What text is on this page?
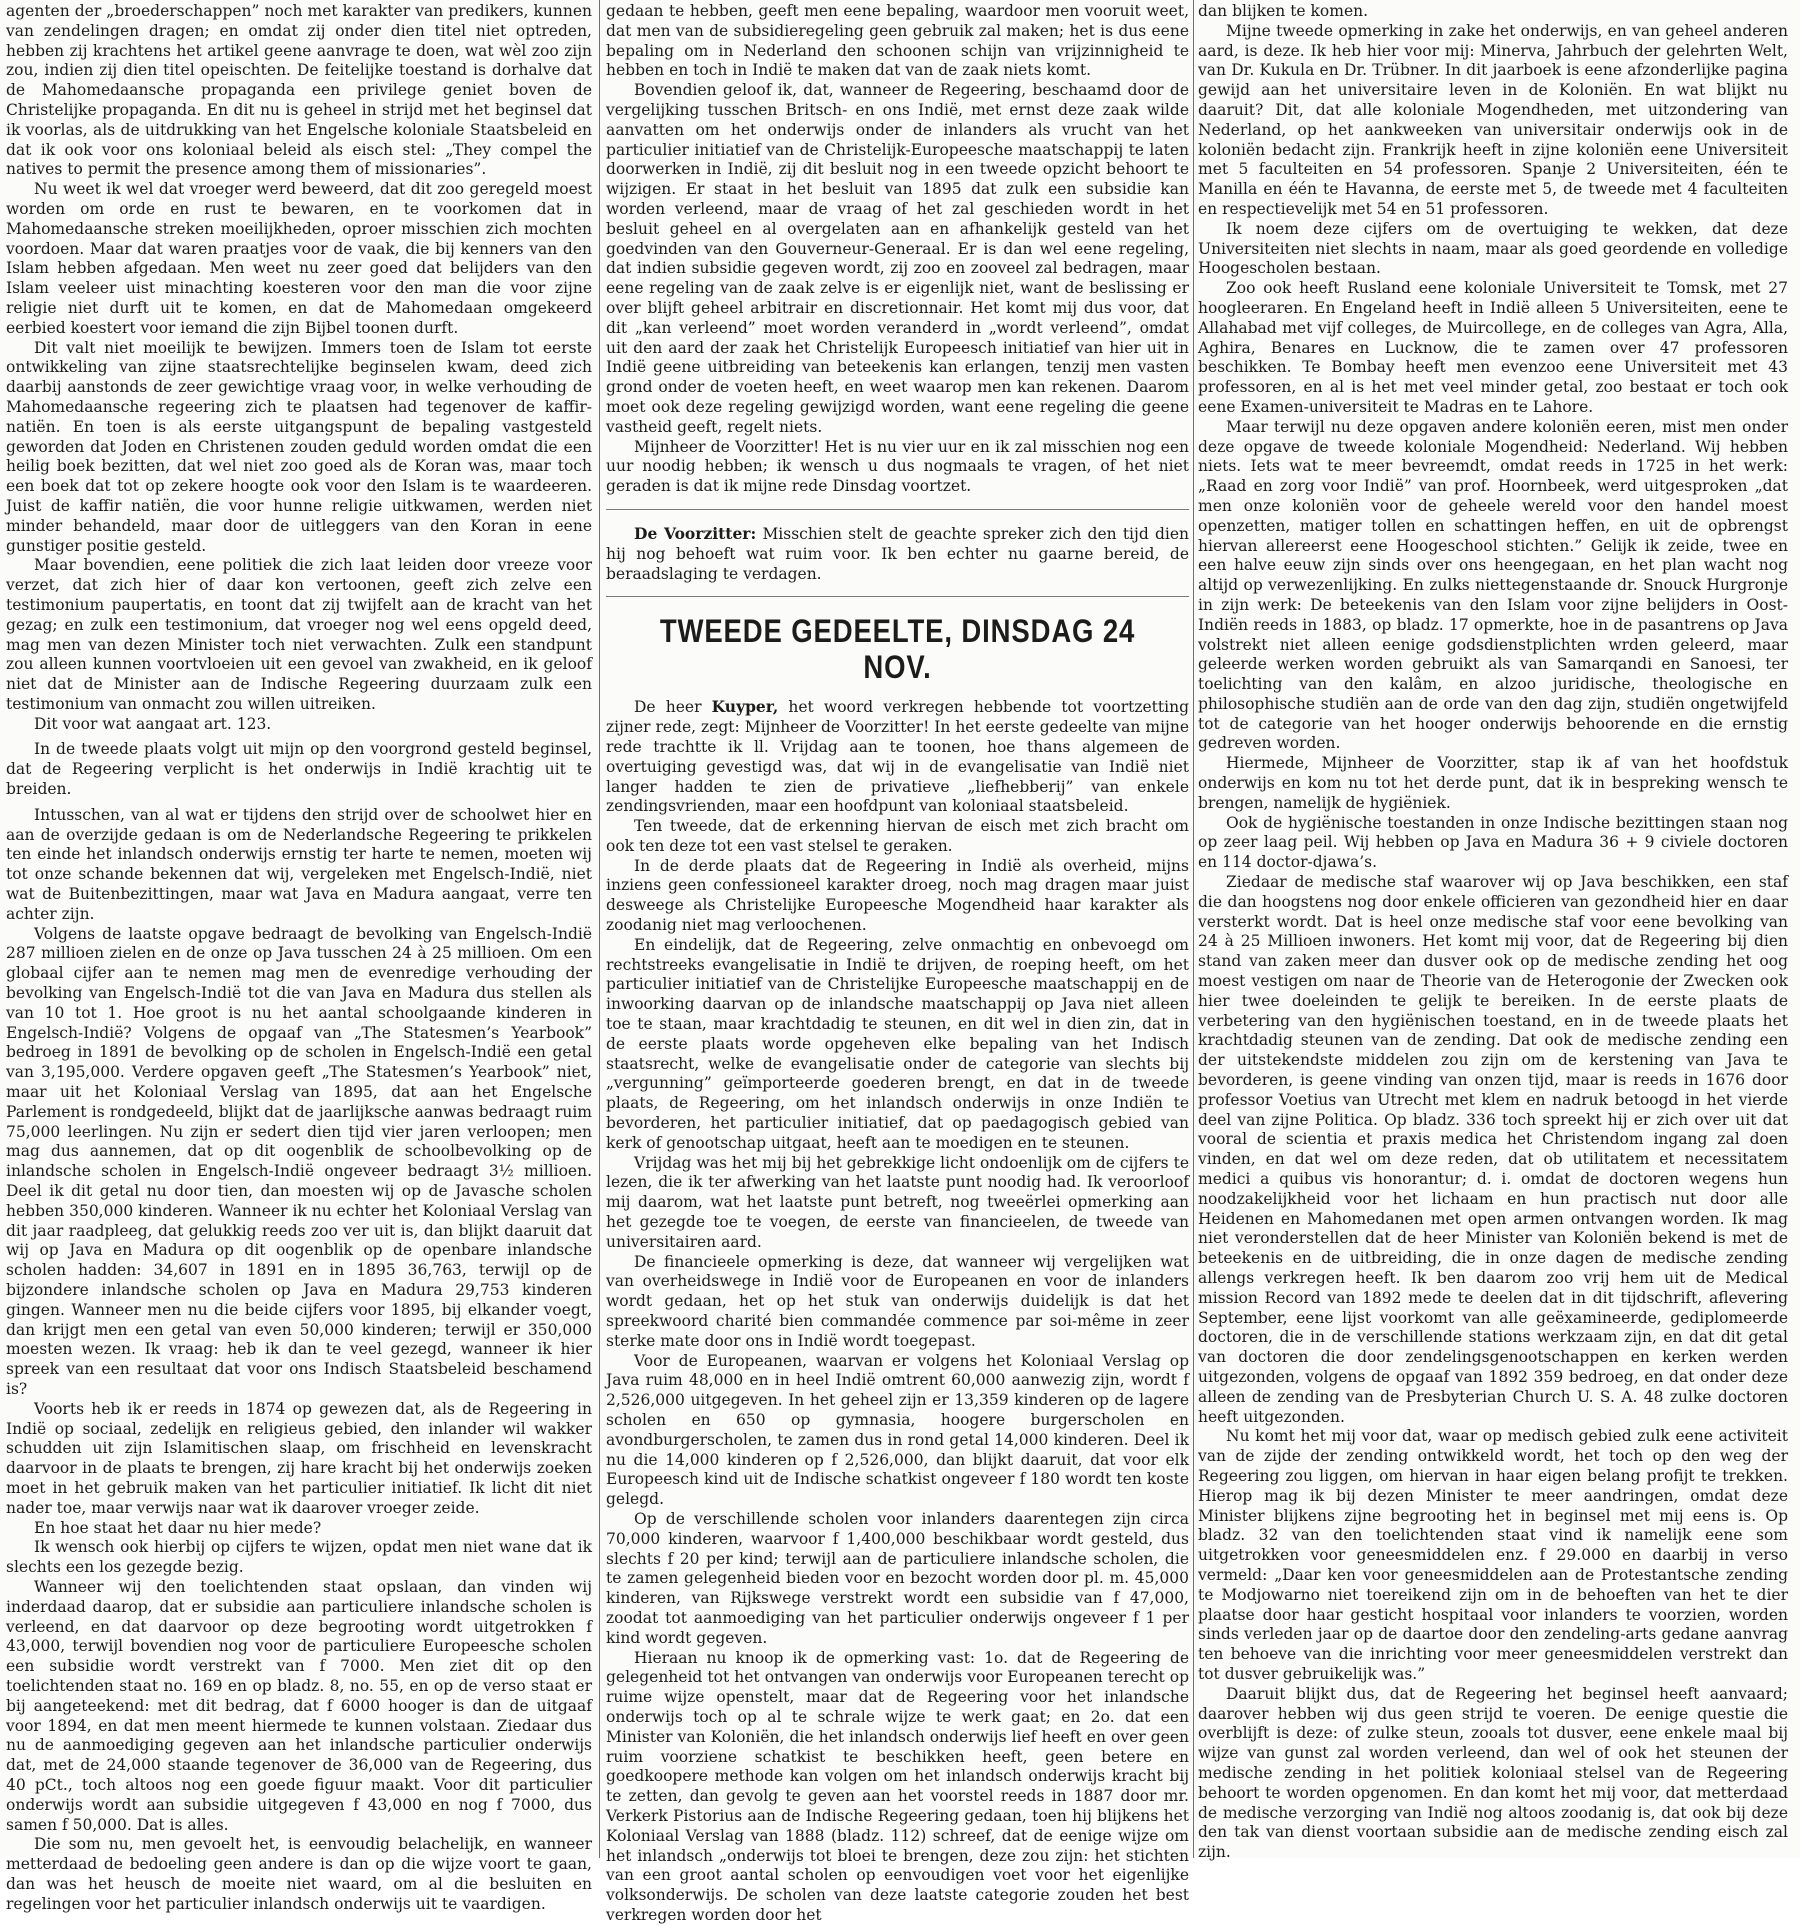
agenten der „broederschappen” noch met karakter van predikers, kunnen van zendelingen dragen; en omdat zij onder dien titel niet optreden, hebben zij krachtens het artikel geene aanvrage te doen, wat wèl zoo zijn zou, indien zij dien titel opeischten. De feitelijke toestand is dorhalve dat de Mahomedaansche propaganda een privilege geniet boven de Christelijke propaganda. En dit nu is geheel in strijd met het beginsel dat ik voorlas, als de uitdrukking van het Engelsche koloniale Staatsbeleid en dat ik ook voor ons koloniaal beleid als eisch stel: „They compel the natives to permit the presence among them of missionaries”.

Nu weet ik wel dat vroeger werd beweerd, dat dit zoo geregeld moest worden om orde en rust te bewaren, en te voorkomen dat in Mahomedaansche streken moeilijkheden, oproer misschien zich mochten voordoen. Maar dat waren praatjes voor de vaak, die bij kenners van den Islam hebben afgedaan. Men weet nu zeer goed dat belijders van den Islam veeleer uist minachting koesteren voor den man die voor zijne religie niet durft uit te komen, en dat de Mahomedaan omgekeerd eerbied koestert voor iemand die zijn Bijbel toonen durft.

Dit valt niet moeilijk te bewijzen. Immers toen de Islam tot eerste ontwikkeling van zijne staatsrechtelijke beginselen kwam, deed zich daarbij aanstonds de zeer gewichtige vraag voor, in welke verhouding de Mahomedaansche regeering zich te plaatsen had tegenover de kaffir-natiën. En toen is als eerste uitgangspunt de bepaling vastgesteld geworden dat Joden en Christenen zouden geduld worden omdat die een heilig boek bezitten, dat wel niet zoo goed als de Koran was, maar toch een boek dat tot op zekere hoogte ook voor den Islam is te waardeeren. Juist de kaffir natiën, die voor hunne religie uitkwamen, werden niet minder behandeld, maar door de uitleggers van den Koran in eene gunstiger positie gesteld.

Maar bovendien, eene politiek die zich laat leiden door vreeze voor verzet, dat zich hier of daar kon vertoonen, geeft zich zelve een testimonium paupertatis, en toont dat zij twijfelt aan de kracht van het gezag; en zulk een testimonium, dat vroeger nog wel eens opgeld deed, mag men van dezen Minister toch niet verwachten. Zulk een standpunt zou alleen kunnen voortvloeien uit een gevoel van zwakheid, en ik geloof niet dat de Minister aan de Indische Regeering duurzaam zulk een testimonium van onmacht zou willen uitreiken.

Dit voor wat aangaat art. 123.

In de tweede plaats volgt uit mijn op den voorgrond gesteld beginsel, dat de Regeering verplicht is het onderwijs in Indië krachtig uit te breiden.

Intusschen, van al wat er tijdens den strijd over de schoolwet hier en aan de overzijde gedaan is om de Nederlandsche Regeering te prikkelen ten einde het inlandsch onderwijs ernstig ter harte te nemen, moeten wij tot onze schande bekennen dat wij, vergeleken met Engelsch-Indië, niet wat de Buitenbezittingen, maar wat Java en Madura aangaat, verre ten achter zijn.

Volgens de laatste opgave bedraagt de bevolking van Engelsch-Indië 287 millioen zielen en de onze op Java tusschen 24 à 25 millioen. Om een globaal cijfer aan te nemen mag men de evenredige verhouding der bevolking van Engelsch-Indië tot die van Java en Madura dus stellen als van 10 tot 1. Hoe groot is nu het aantal schoolgaande kinderen in Engelsch-Indië? Volgens de opgaaf van „The Statesmen’s Yearbook” bedroeg in 1891 de bevolking op de scholen in Engelsch-Indië een getal van 3,195,000. Verdere opgaven geeft „The Statesmen’s Yearbook” niet, maar uit het Koloniaal Verslag van 1895, dat aan het Engelsche Parlement is rondgedeeld, blijkt dat de jaarlijksche aanwas bedraagt ruim 75,000 leerlingen. Nu zijn er sedert dien tijd vier jaren verloopen; men mag dus aannemen, dat op dit oogenblik de schoolbevolking op de inlandsche scholen in Engelsch-Indië ongeveer bedraagt 3½ millioen. Deel ik dit getal nu door tien, dan moesten wij op de Javasche scholen hebben 350,000 kinderen. Wanneer ik nu echter het Koloniaal Verslag van dit jaar raadpleeg, dat gelukkig reeds zoo ver uit is, dan blijkt daaruit dat wij op Java en Madura op dit oogenblik op de openbare inlandsche scholen hadden: 34,607 in 1891 en in 1895 36,763, terwijl op de bijzondere inlandsche scholen op Java en Madura 29,753 kinderen gingen. Wanneer men nu die beide cijfers voor 1895, bij elkander voegt, dan krijgt men een getal van even 50,000 kinderen; terwijl er 350,000 moesten wezen. Ik vraag: heb ik dan te veel gezegd, wanneer ik hier spreek van een resultaat dat voor ons Indisch Staatsbeleid beschamend is?

Voorts heb ik er reeds in 1874 op gewezen dat, als de Regeering in Indië op sociaal, zedelijk en religieus gebied, den inlander wil wakker schudden uit zijn Islamitischen slaap, om frischheid en levenskracht daarvoor in de plaats te brengen, zij hare kracht bij het onderwijs zoeken moet in het gebruik maken van het particulier initiatief. Ik licht dit niet nader toe, maar verwijs naar wat ik daarover vroeger zeide.

En hoe staat het daar nu hier mede?

Ik wensch ook hierbij op cijfers te wijzen, opdat men niet wane dat ik slechts een los gezegde bezig.

Wanneer wij den toelichtenden staat opslaan, dan vinden wij inderdaad daarop, dat er subsidie aan particuliere inlandsche scholen is verleend, en dat daarvoor op deze begrooting wordt uitgetrokken f 43,000, terwijl bovendien nog voor de particuliere Europeesche scholen een subsidie wordt verstrekt van f 7000. Men ziet dit op den toelichtenden staat no. 169 en op bladz. 8, no. 55, en op de verso staat er bij aangeteekend: met dit bedrag, dat f 6000 hooger is dan de uitgaaf voor 1894, en dat men meent hiermede te kunnen volstaan. Ziedaar dus nu de aanmoediging gegeven aan het inlandsche particulier onderwijs dat, met de 24,000 staande tegenover de 36,000 van de Regeering, dus 40 pCt., toch altoos nog een goede figuur maakt. Voor dit particulier onderwijs wordt aan subsidie uitgegeven f 43,000 en nog f 7000, dus samen f 50,000. Dat is alles.

Die som nu, men gevoelt het, is eenvoudig belachelijk, en wanneer metterdaad de bedoeling geen andere is dan op die wijze voort te gaan, dan was het heusch de moeite niet waard, om al die besluiten en regelingen voor het particulier inlandsch onderwijs uit te vaardigen.

gedaan te hebben, geeft men eene bepaling, waardoor men vooruit weet, dat men van de subsidieregeling geen gebruik zal maken; het is dus eene bepaling om in Nederland den schoonen schijn van vrijzinnigheid te hebben en toch in Indië te maken dat van de zaak niets komt.

Bovendien geloof ik, dat, wanneer de Regeering, beschaamd door de vergelijking tusschen Britsch- en ons Indië, met ernst deze zaak wilde aanvatten om het onderwijs onder de inlanders als vrucht van het particulier initiatief van de Christelijk-Europeesche maatschappij te laten doorwerken in Indië, zij dit besluit nog in een tweede opzicht behoort te wijzigen. Er staat in het besluit van 1895 dat zulk een subsidie kan worden verleend, maar de vraag of het zal geschieden wordt in het besluit geheel en al overgelaten aan en afhankelijk gesteld van het goedvinden van den Gouverneur-Generaal. Er is dan wel eene regeling, dat indien subsidie gegeven wordt, zij zoo en zooveel zal bedragen, maar eene regeling van de zaak zelve is er eigenlijk niet, want de beslissing er over blijft geheel arbitrair en discretionnair. Het komt mij dus voor, dat dit „kan verleend” moet worden veranderd in „wordt verleend”, omdat uit den aard der zaak het Christelijk Europeesch initiatief van hier uit in Indië geene uitbreiding van beteekenis kan erlangen, tenzij men vasten grond onder de voeten heeft, en weet waarop men kan rekenen. Daarom moet ook deze regeling gewijzigd worden, want eene regeling die geene vastheid geeft, regelt niets.

Mijnheer de Voorzitter! Het is nu vier uur en ik zal misschien nog een uur noodig hebben; ik wensch u dus nogmaals te vragen, of het niet geraden is dat ik mijne rede Dinsdag voortzet.

De Voorzitter: Misschien stelt de geachte spreker zich den tijd dien hij nog behoeft wat ruim voor. Ik ben echter nu gaarne bereid, de beraadslaging te verdagen.

TWEEDE GEDEELTE, DINSDAG 24 NOV.

De heer Kuyper, het woord verkregen hebbende tot voortzetting zijner rede, zegt: Mijnheer de Voorzitter! In het eerste gedeelte van mijne rede trachtte ik ll. Vrijdag aan te toonen, hoe thans algemeen de overtuiging gevestigd was, dat wij in de evangelisatie van Indië niet langer hadden te zien de privatieve „liefhebberij” van enkele zendingsvrienden, maar een hoofdpunt van koloniaal staatsbeleid.

Ten tweede, dat de erkenning hiervan de eisch met zich bracht om ook ten deze tot een vast stelsel te geraken.

In de derde plaats dat de Regeering in Indië als overheid, mijns inziens geen confessioneel karakter droeg, noch mag dragen maar juist desweege als Christelijke Europeesche Mogendheid haar karakter als zoodanig niet mag verloochenen.

En eindelijk, dat de Regeering, zelve onmachtig en onbevoegd om rechtstreeks evangelisatie in Indië te drijven, de roeping heeft, om het particulier initiatief van de Christelijke Europeesche maatschappij en de inwoorking daarvan op de inlandsche maatschappij op Java niet alleen toe te staan, maar krachtdadig te steunen, en dit wel in dien zin, dat in de eerste plaats worde opgeheven elke bepaling van het Indisch staatsrecht, welke de evangelisatie onder de categorie van slechts bij „vergunning” geïmporteerde goederen brengt, en dat in de tweede plaats, de Regeering, om het inlandsch onderwijs in onze Indiën te bevorderen, het particulier initiatief, dat op paedagogisch gebied van kerk of genootschap uitgaat, heeft aan te moedigen en te steunen.

Vrijdag was het mij bij het gebrekkige licht ondoenlijk om de cijfers te lezen, die ik ter afwerking van het laatste punt noodig had. Ik veroorloof mij daarom, wat het laatste punt betreft, nog tweeërlei opmerking aan het gezegde toe te voegen, de eerste van financieelen, de tweede van universitairen aard.

De financieele opmerking is deze, dat wanneer wij vergelijken wat van overheidswege in Indië voor de Europeanen en voor de inlanders wordt gedaan, het op het stuk van onderwijs duidelijk is dat het spreekwoord charité bien commandée commence par soi-même in zeer sterke mate door ons in Indië wordt toegepast.

Voor de Europeanen, waarvan er volgens het Koloniaal Verslag op Java ruim 48,000 en in heel Indië omtrent 60,000 aanwezig zijn, wordt f 2,526,000 uitgegeven. In het geheel zijn er 13,359 kinderen op de lagere scholen en 650 op gymnasia, hoogere burgerscholen en avondburgerscholen, te zamen dus in rond getal 14,000 kinderen. Deel ik nu die 14,000 kinderen op f 2,526,000, dan blijkt daaruit, dat voor elk Europeesch kind uit de Indische schatkist ongeveer f 180 wordt ten koste gelegd.

Op de verschillende scholen voor inlanders daarentegen zijn circa 70,000 kinderen, waarvoor f 1,400,000 beschikbaar wordt gesteld, dus slechts f 20 per kind; terwijl aan de particuliere inlandsche scholen, die te zamen gelegenheid bieden voor en bezocht worden door pl. m. 45,000 kinderen, van Rijkswege verstrekt wordt een subsidie van f 47,000, zoodat tot aanmoediging van het particulier onderwijs ongeveer f 1 per kind wordt gegeven.

Hieraan nu knoop ik de opmerking vast: 1o. dat de Regeering de gelegenheid tot het ontvangen van onderwijs voor Europeanen terecht op ruime wijze openstelt, maar dat de Regeering voor het inlandsche onderwijs toch op al te schrale wijze te werk gaat; en 2o. dat een Minister van Koloniën, die het inlandsch onderwijs lief heeft en over geen ruim voorziene schatkist te beschikken heeft, geen betere en goedkoopere methode kan volgen om het inlandsch onderwijs kracht bij te zetten, dan gevolg te geven aan het voorstel reeds in 1887 door mr. Verkerk Pistorius aan de Indische Regeering gedaan, toen hij blijkens het Koloniaal Verslag van 1888 (bladz. 112) schreef, dat de eenige wijze om het inlandsch „onderwijs tot bloei te brengen, deze zou zijn: het stichten van een groot aantal scholen op eenvoudigen voet voor het eigenlijke volksonderwijs. De scholen van deze laatste categorie zouden het best verkregen worden door het

dan blijken te komen.

Mijne tweede opmerking in zake het onderwijs, en van geheel anderen aard, is deze. Ik heb hier voor mij: Minerva, Jahrbuch der gelehrten Welt, van Dr. Kukula en Dr. Trübner. In dit jaarboek is eene afzonderlijke pagina gewijd aan het universitaire leven in de Koloniën. En wat blijkt nu daaruit? Dit, dat alle koloniale Mogendheden, met uitzondering van Nederland, op het aankweeken van universitair onderwijs ook in de koloniën bedacht zijn. Frankrijk heeft in zijne koloniën eene Universiteit met 5 faculteiten en 54 professoren. Spanje 2 Universiteiten, één te Manilla en één te Havanna, de eerste met 5, de tweede met 4 faculteiten en respectievelijk met 54 en 51 professoren.

Ik noem deze cijfers om de overtuiging te wekken, dat deze Universiteiten niet slechts in naam, maar als goed geordende en volledige Hoogescholen bestaan.

Zoo ook heeft Rusland eene koloniale Universiteit te Tomsk, met 27 hoogleeraren. En Engeland heeft in Indië alleen 5 Universiteiten, eene te Allahabad met vijf colleges, de Muircollege, en de colleges van Agra, Alla, Aghira, Benares en Lucknow, die te zamen over 47 professoren beschikken. Te Bombay heeft men evenzoo eene Universiteit met 43 professoren, en al is het met veel minder getal, zoo bestaat er toch ook eene Examen-universiteit te Madras en te Lahore.

Maar terwijl nu deze opgaven andere koloniën eeren, mist men onder deze opgave de tweede koloniale Mogendheid: Nederland. Wij hebben niets. Iets wat te meer bevreemdt, omdat reeds in 1725 in het werk: „Raad en zorg voor Indië” van prof. Hoornbeek, werd uitgesproken „dat men onze koloniën voor de geheele wereld voor den handel moest openzetten, matiger tollen en schattingen heffen, en uit de opbrengst hiervan allereerst eene Hoogeschool stichten.” Gelijk ik zeide, twee en een halve eeuw zijn sinds over ons heengegaan, en het plan wacht nog altijd op verwezenlijking. En zulks niettegenstaande dr. Snouck Hurgronje in zijn werk: De beteekenis van den Islam voor zijne belijders in Oost-Indiën reeds in 1883, op bladz. 17 opmerkte, hoe in de pasantrens op Java volstrekt niet alleen eenige godsdienstplichten wrden geleerd, maar geleerde werken worden gebruikt als van Samarqandi en Sanoesi, ter toelichting van den kalâm, en alzoo juridische, theologische en philosophische studiën aan de orde van den dag zijn, studiën ongetwijfeld tot de categorie van het hooger onderwijs behoorende en die ernstig gedreven worden.

Hiermede, Mijnheer de Voorzitter, stap ik af van het hoofdstuk onderwijs en kom nu tot het derde punt, dat ik in bespreking wensch te brengen, namelijk de hygiëniek.

Ook de hygiënische toestanden in onze Indische bezittingen staan nog op zeer laag peil. Wij hebben op Java en Madura 36 + 9 civiele doctoren en 114 doctor-djawa’s.

Ziedaar de medische staf waarover wij op Java beschikken, een staf die dan hoogstens nog door enkele officieren van gezondheid hier en daar versterkt wordt. Dat is heel onze medische staf voor eene bevolking van 24 à 25 Millioen inwoners. Het komt mij voor, dat de Regeering bij dien stand van zaken meer dan dusver ook op de medische zending het oog moest vestigen om naar de Theorie van de Heterogonie der Zwecken ook hier twee doeleinden te gelijk te bereiken. In de eerste plaats de verbetering van den hygiënischen toestand, en in de tweede plaats het krachtdadig steunen van de zending. Dat ook de medische zending een der uitstekendste middelen zou zijn om de kerstening van Java te bevorderen, is geene vinding van onzen tijd, maar is reeds in 1676 door professor Voetius van Utrecht met klem en nadruk betoogd in het vierde deel van zijne Politica. Op bladz. 336 toch spreekt hij er zich over uit dat vooral de scientia et praxis medica het Christendom ingang zal doen vinden, en dat wel om deze reden, dat ob utilitatem et necessitatem medici a quibus vis honorantur; d. i. omdat de doctoren wegens hun noodzakelijkheid voor het lichaam en hun practisch nut door alle Heidenen en Mahomedanen met open armen ontvangen worden. Ik mag niet veronderstellen dat de heer Minister van Koloniën bekend is met de beteekenis en de uitbreiding, die in onze dagen de medische zending allengs verkregen heeft. Ik ben daarom zoo vrij hem uit de Medical mission Record van 1892 mede te deelen dat in dit tijdschrift, aflevering September, eene lijst voorkomt van alle geëxamineerde, gediplomeerde doctoren, die in de verschillende stations werkzaam zijn, en dat dit getal van doctoren die door zendelingsgenootschappen en kerken werden uitgezonden, volgens de opgaaf van 1892 359 bedroeg, en dat onder deze alleen de zending van de Presbyterian Church U. S. A. 48 zulke doctoren heeft uitgezonden.

Nu komt het mij voor dat, waar op medisch gebied zulk eene activiteit van de zijde der zending ontwikkeld wordt, het toch op den weg der Regeering zou liggen, om hiervan in haar eigen belang profijt te trekken. Hierop mag ik bij dezen Minister te meer aandringen, omdat deze Minister blijkens zijne begrooting het in beginsel met mij eens is. Op bladz. 32 van den toelichtenden staat vind ik namelijk eene som uitgetrokken voor geneesmiddelen enz. f 29.000 en daarbij in verso vermeld: „Daar ken voor geneesmiddelen aan de Protestantsche zending te Modjowarno niet toereikend zijn om in de behoeften van het te dier plaatse door haar gesticht hospitaal voor inlanders te voorzien, worden sinds verleden jaar op de daartoe door den zendeling-arts gedane aanvrag ten behoeve van die inrichting voor meer geneesmiddelen verstrekt dan tot dusver gebruikelijk was.”

Daaruit blijkt dus, dat de Regeering het beginsel heeft aanvaard; daarover hebben wij dus geen strijd te voeren. De eenige questie die overblijft is deze: of zulke steun, zooals tot dusver, eene enkele maal bij wijze van gunst zal worden verleend, dan wel of ook het steunen der medische zending in het politiek koloniaal stelsel van de Regeering behoort te worden opgenomen. En dan komt het mij voor, dat metterdaad de medische verzorging van Indië nog altoos zoodanig is, dat ook bij deze den tak van dienst voortaan subsidie aan de medische zending eisch zal zijn.
